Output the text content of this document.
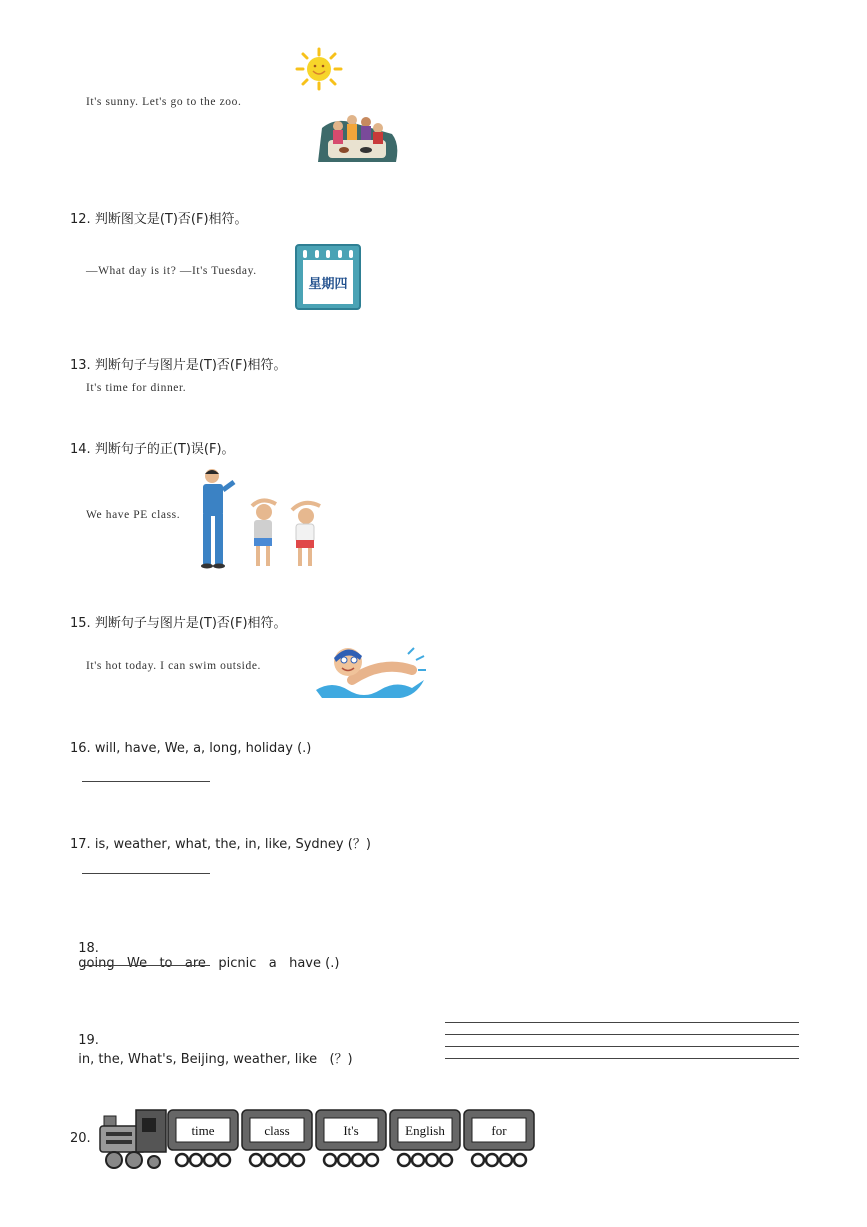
It's sunny. Let's go to the zoo.
12. 判断图文是(T)否(F)相符。
—What day is it? —It's Tuesday.
星期四
13. 判断句子与图片是(T)否(F)相符。
It's time for dinner.
14. 判断句子的正(T)误(F)。
We have PE class.
15. 判断句子与图片是(T)否(F)相符。
It's hot today. I can swim outside.
16. will, have, We, a, long, holiday (.)
17. is, weather, what, the, in, like, Sydney (？)

18.
going   We   to   are   picnic   a   have (.)

19.
in, the, What's, Beijing, weather, like   (？)

20.
time	class	It's	English	for
